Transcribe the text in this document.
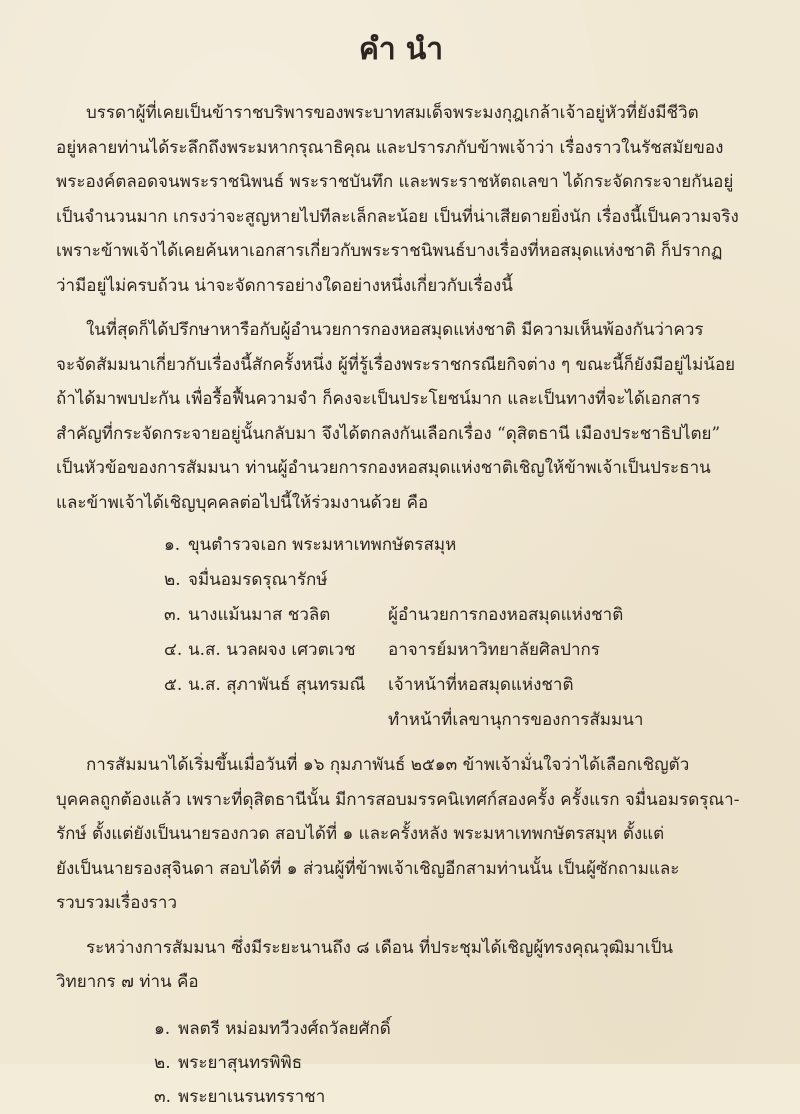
คำนำ
บรรดาผู้ที่เคยเป็นข้าราชบริพารของพระบาทสมเด็จพระมงกุฎเกล้าเจ้าอยู่หัวที่ยังมีชีวิต
อยู่หลายท่านได้ระลึกถึงพระมหากรุณาธิคุณ และปรารภกับข้าพเจ้าว่า เรื่องราวในรัชสมัยของ
พระองค์ตลอดจนพระราชนิพนธ์ พระราชบันทึก และพระราชหัตถเลขา ได้กระจัดกระจายกันอยู่
เป็นจำนวนมาก เกรงว่าจะสูญหายไปทีละเล็กละน้อย เป็นที่น่าเสียดายยิ่งนัก เรื่องนี้เป็นความจริง
เพราะข้าพเจ้าได้เคยค้นหาเอกสารเกี่ยวกับพระราชนิพนธ์บางเรื่องที่หอสมุดแห่งชาติ ก็ปรากฏ
ว่ามีอยู่ไม่ครบถ้วน น่าจะจัดการอย่างใดอย่างหนึ่งเกี่ยวกับเรื่องนี้
ในที่สุดก็ได้ปรึกษาหารือกับผู้อำนวยการกองหอสมุดแห่งชาติ มีความเห็นพ้องกันว่าควร
จะจัดสัมมนาเกี่ยวกับเรื่องนี้สักครั้งหนึ่ง ผู้ที่รู้เรื่องพระราชกรณียกิจต่าง ๆ ขณะนี้ก็ยังมีอยู่ไม่น้อย
ถ้าได้มาพบปะกัน เพื่อรื้อฟื้นความจำ ก็คงจะเป็นประโยชน์มาก และเป็นทางที่จะได้เอกสาร
สำคัญที่กระจัดกระจายอยู่นั้นกลับมา จึงได้ตกลงกันเลือกเรื่อง “ดุสิตธานี เมืองประชาธิปไตย”
เป็นหัวข้อของการสัมมนา ท่านผู้อำนวยการกองหอสมุดแห่งชาติเชิญให้ข้าพเจ้าเป็นประธาน
และข้าพเจ้าได้เชิญบุคคลต่อไปนี้ให้ร่วมงานด้วย คือ
๑. ขุนตำรวจเอก พระมหาเทพกษัตรสมุห
๒. จมื่นอมรดรุณารักษ์
๓. นางแม้นมาส ชวลิต	ผู้อำนวยการกองหอสมุดแห่งชาติ
๔. น.ส. นวลผจง เศวตเวช	อาจารย์มหาวิทยาลัยศิลปากร
๕. น.ส. สุภาพันธ์ สุนทรมณี	เจ้าหน้าที่หอสมุดแห่งชาติ
ทำหน้าที่เลขานุการของการสัมมนา
การสัมมนาได้เริ่มขึ้นเมื่อวันที่ ๑๖ กุมภาพันธ์ ๒๕๑๓ ข้าพเจ้ามั่นใจว่าได้เลือกเชิญตัว
บุคคลถูกต้องแล้ว เพราะที่ดุสิตธานีนั้น มีการสอบมรรคนิเทศก์สองครั้ง ครั้งแรก จมื่นอมรดรุณา-
รักษ์ ตั้งแต่ยังเป็นนายรองกวด สอบได้ที่ ๑ และครั้งหลัง พระมหาเทพกษัตรสมุห ตั้งแต่
ยังเป็นนายรองสุจินดา สอบได้ที่ ๑ ส่วนผู้ที่ข้าพเจ้าเชิญอีกสามท่านนั้น เป็นผู้ซักถามและ
รวบรวมเรื่องราว
ระหว่างการสัมมนา ซึ่งมีระยะนานถึง ๘ เดือน ที่ประชุมได้เชิญผู้ทรงคุณวุฒิมาเป็น
วิทยากร ๗ ท่าน คือ
๑. พลตรี หม่อมทวีวงศ์ถวัลยศักดิ์
๒. พระยาสุนทรพิพิธ
๓. พระยาเนรนทรราชา
